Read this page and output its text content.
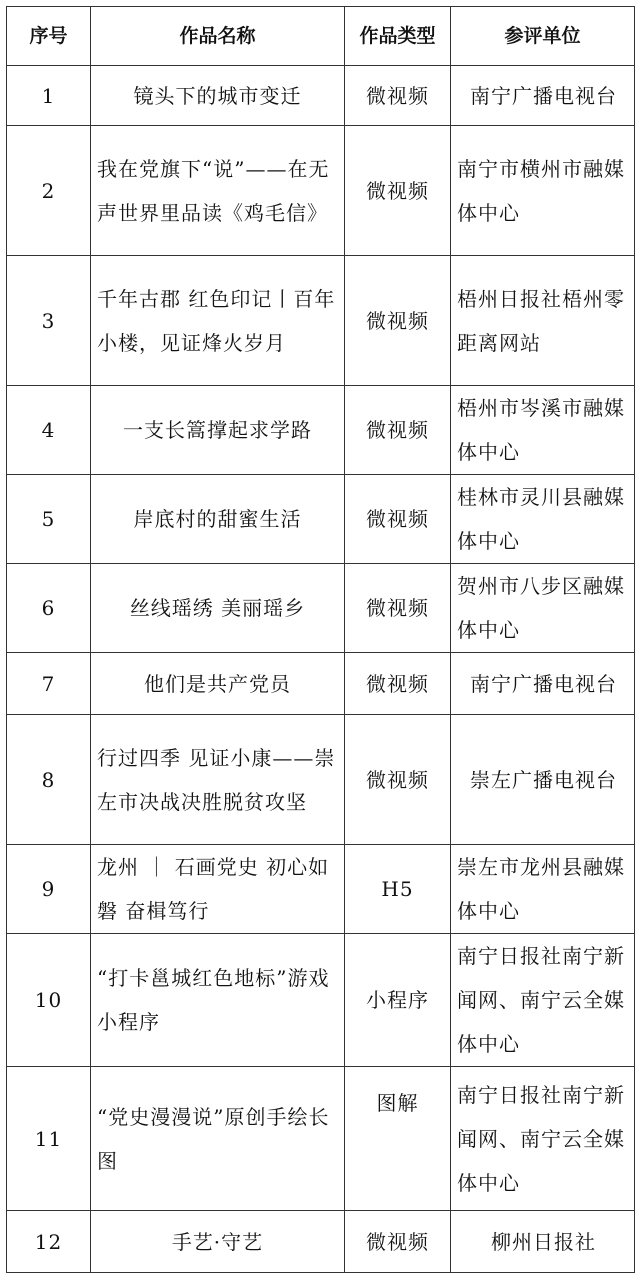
序号	作品名称	作品类型	参评单位
1	镜头下的城市变迁	微视频	南宁广播电视台
2	我在党旗下“说”——在无声世界里品读《鸡毛信》	微视频	南宁市横州市融媒体中心
3	千年古郡 红色印记丨百年小楼，见证烽火岁月	微视频	梧州日报社梧州零距离网站
4	一支长篙撑起求学路	微视频	梧州市岑溪市融媒体中心
5	岸底村的甜蜜生活	微视频	桂林市灵川县融媒体中心
6	丝线瑶绣 美丽瑶乡	微视频	贺州市八步区融媒体中心
7	他们是共产党员	微视频	南宁广播电视台
8	行过四季 见证小康——崇左市决战决胜脱贫攻坚	微视频	崇左广播电视台
9	龙州 ｜ 石画党史 初心如磐 奋楫笃行	H5	崇左市龙州县融媒体中心
10	“打卡邕城红色地标”游戏小程序	小程序	南宁日报社南宁新闻网、南宁云全媒体中心
11	“党史漫漫说”原创手绘长图	图解	南宁日报社南宁新闻网、南宁云全媒体中心
12	手艺·守艺	微视频	柳州日报社
